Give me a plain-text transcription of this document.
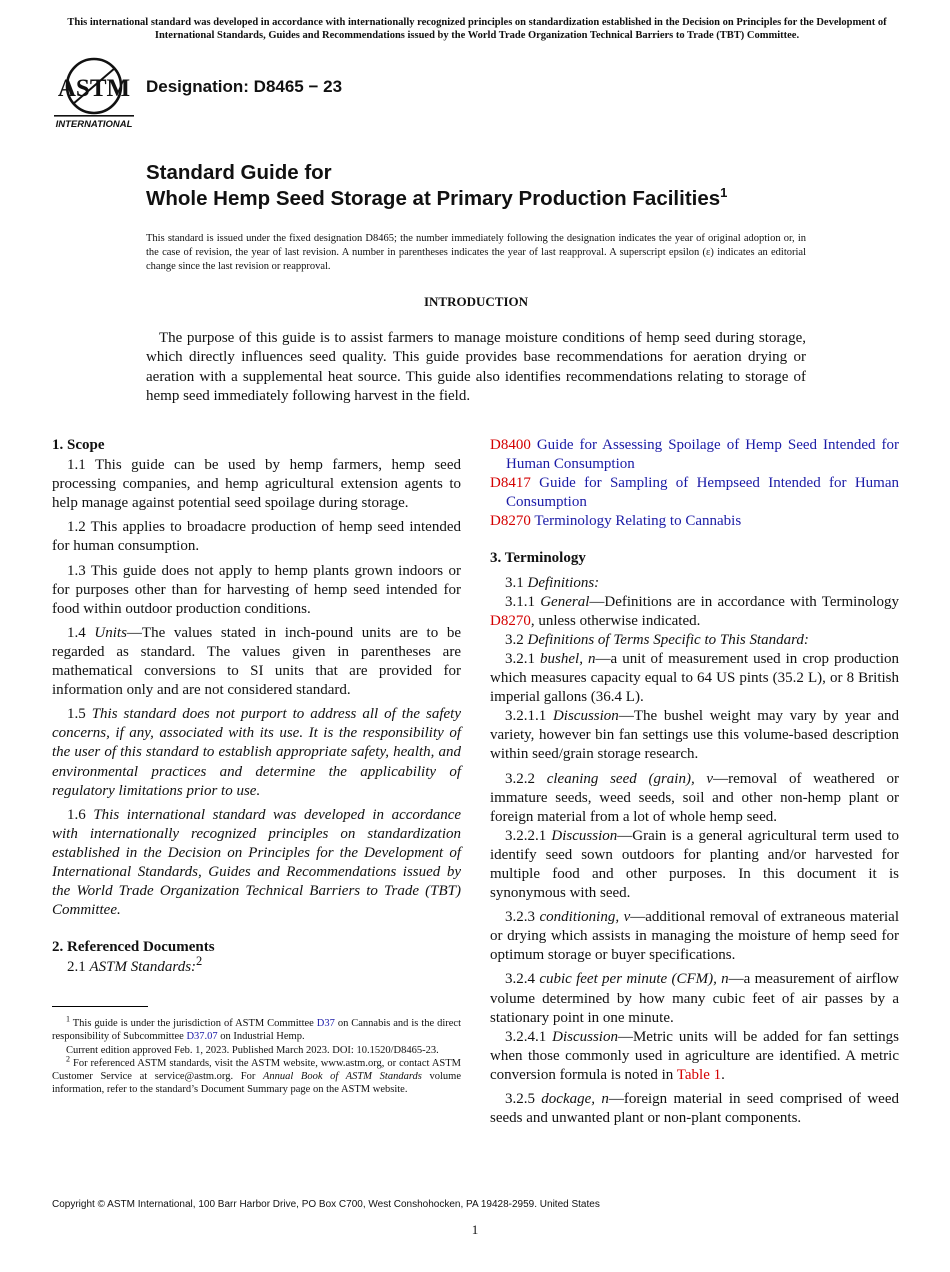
This international standard was developed in accordance with internationally recognized principles on standardization established in the Decision on Principles for the Development of International Standards, Guides and Recommendations issued by the World Trade Organization Technical Barriers to Trade (TBT) Committee.
ASTM
INTERNATIONAL
Designation: D8465 − 23
Standard Guide for
Whole Hemp Seed Storage at Primary Production Facilities$^1$
This standard is issued under the fixed designation D8465; the number immediately following the designation indicates the year of original adoption or, in the case of revision, the year of last revision. A number in parentheses indicates the year of last reapproval. A superscript epsilon (ε) indicates an editorial change since the last revision or reapproval.
INTRODUCTION

The purpose of this guide is to assist farmers to manage moisture conditions of hemp seed during storage, which directly influences seed quality. This guide provides base recommendations for aeration drying or aeration with a supplemental heat source. This guide also identifies recommendations relating to storage of hemp seed immediately following harvest in the field.

1. Scope

1.1 This guide can be used by hemp farmers, hemp seed processing companies, and hemp agricultural extension agents to help manage against potential seed spoilage during storage.

1.2 This applies to broadacre production of hemp seed intended for human consumption.

1.3 This guide does not apply to hemp plants grown indoors or for purposes other than for harvesting of hemp seed intended for food within outdoor production conditions.

1.4 Units—The values stated in inch-pound units are to be regarded as standard. The values given in parentheses are mathematical conversions to SI units that are provided for information only and are not considered standard.

1.5 This standard does not purport to address all of the safety concerns, if any, associated with its use. It is the responsibility of the user of this standard to establish appropriate safety, health, and environmental practices and determine the applicability of regulatory limitations prior to use.

1.6 This international standard was developed in accordance with internationally recognized principles on standardization established in the Decision on Principles for the Development of International Standards, Guides and Recommendations issued by the World Trade Organization Technical Barriers to Trade (TBT) Committee.

2. Referenced Documents

2.1 ASTM Standards:$^2$

D8400 Guide for Assessing Spoilage of Hemp Seed Intended for Human Consumption
D8417 Guide for Sampling of Hempseed Intended for Human Consumption
D8270 Terminology Relating to Cannabis
3. Terminology

3.1 Definitions:

3.1.1 General—Definitions are in accordance with Terminology D8270, unless otherwise indicated.

3.2 Definitions of Terms Specific to This Standard:

3.2.1 bushel, n—a unit of measurement used in crop production which measures capacity equal to 64 US pints (35.2 L), or 8 British imperial gallons (36.4 L).

3.2.1.1 Discussion—The bushel weight may vary by year and variety, however bin fan settings use this volume-based description within seed/grain storage research.

3.2.2 cleaning seed (grain), v—removal of weathered or immature seeds, weed seeds, soil and other non-hemp plant or foreign material from a lot of whole hemp seed.

3.2.2.1 Discussion—Grain is a general agricultural term used to identify seed sown outdoors for planting and/or harvested for multiple food and other purposes. In this document it is synonymous with seed.

3.2.3 conditioning, v—additional removal of extraneous material or drying which assists in managing the moisture of hemp seed for optimum storage or buyer specifications.

3.2.4 cubic feet per minute (CFM), n—a measurement of airflow volume determined by how many cubic feet of air passes by a stationary point in one minute.

3.2.4.1 Discussion—Metric units will be added for fan settings when those commonly used in agriculture are identified. A metric conversion formula is noted in Table 1.

3.2.5 dockage, n—foreign material in seed comprised of weed seeds and unwanted plant or non-plant components.

$^1$ This guide is under the jurisdiction of ASTM Committee D37 on Cannabis and is the direct responsibility of Subcommittee D37.07 on Industrial Hemp.

Current edition approved Feb. 1, 2023. Published March 2023. DOI: 10.1520/D8465-23.

$^2$ For referenced ASTM standards, visit the ASTM website, www.astm.org, or contact ASTM Customer Service at service@astm.org. For Annual Book of ASTM Standards volume information, refer to the standard’s Document Summary page on the ASTM website.

Copyright © ASTM International, 100 Barr Harbor Drive, PO Box C700, West Conshohocken, PA 19428-2959. United States
1
